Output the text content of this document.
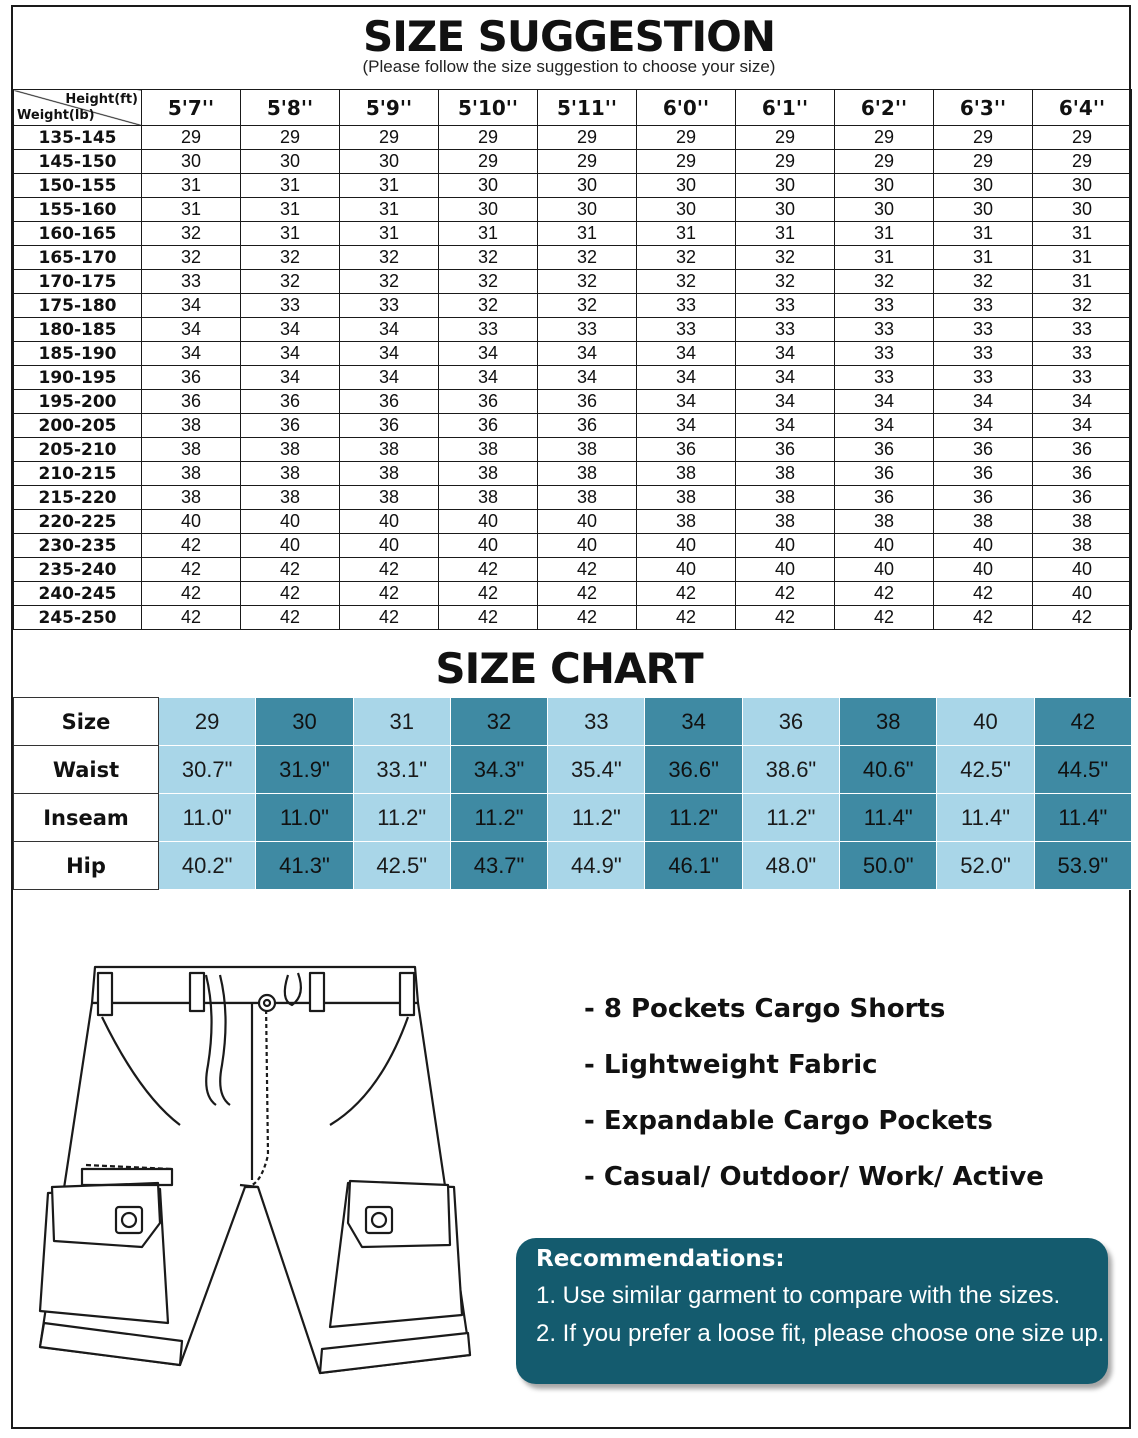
SIZE SUGGESTION
(Please follow the size suggestion to choose your size)
Height(ft)
Weight(lb)	5'7''	5'8''	5'9''	5'10''	5'11''	6'0''	6'1''	6'2''	6'3''	6'4''
135-145	29	29	29	29	29	29	29	29	29	29
145-150	30	30	30	29	29	29	29	29	29	29
150-155	31	31	31	30	30	30	30	30	30	30
155-160	31	31	31	30	30	30	30	30	30	30
160-165	32	31	31	31	31	31	31	31	31	31
165-170	32	32	32	32	32	32	32	31	31	31
170-175	33	32	32	32	32	32	32	32	32	31
175-180	34	33	33	32	32	33	33	33	33	32
180-185	34	34	34	33	33	33	33	33	33	33
185-190	34	34	34	34	34	34	34	33	33	33
190-195	36	34	34	34	34	34	34	33	33	33
195-200	36	36	36	36	36	34	34	34	34	34
200-205	38	36	36	36	36	34	34	34	34	34
205-210	38	38	38	38	38	36	36	36	36	36
210-215	38	38	38	38	38	38	38	36	36	36
215-220	38	38	38	38	38	38	38	36	36	36
220-225	40	40	40	40	40	38	38	38	38	38
230-235	42	40	40	40	40	40	40	40	40	38
235-240	42	42	42	42	42	40	40	40	40	40
240-245	42	42	42	42	42	42	42	42	42	40
245-250	42	42	42	42	42	42	42	42	42	42
SIZE CHART
Size	29	30	31	32	33	34	36	38	40	42
Waist	30.7"	31.9"	33.1"	34.3"	35.4"	36.6"	38.6"	40.6"	42.5"	44.5"
Inseam	11.0"	11.0"	11.2"	11.2"	11.2"	11.2"	11.2"	11.4"	11.4"	11.4"
Hip	40.2"	41.3"	42.5"	43.7"	44.9"	46.1"	48.0"	50.0"	52.0"	53.9"
- 8 Pockets Cargo Shorts
- Lightweight Fabric
- Expandable Cargo Pockets
- Casual/ Outdoor/ Work/ Active
Recommendations:
1. Use similar garment to compare with the sizes.
2. If you prefer a loose fit, please choose one size up.
